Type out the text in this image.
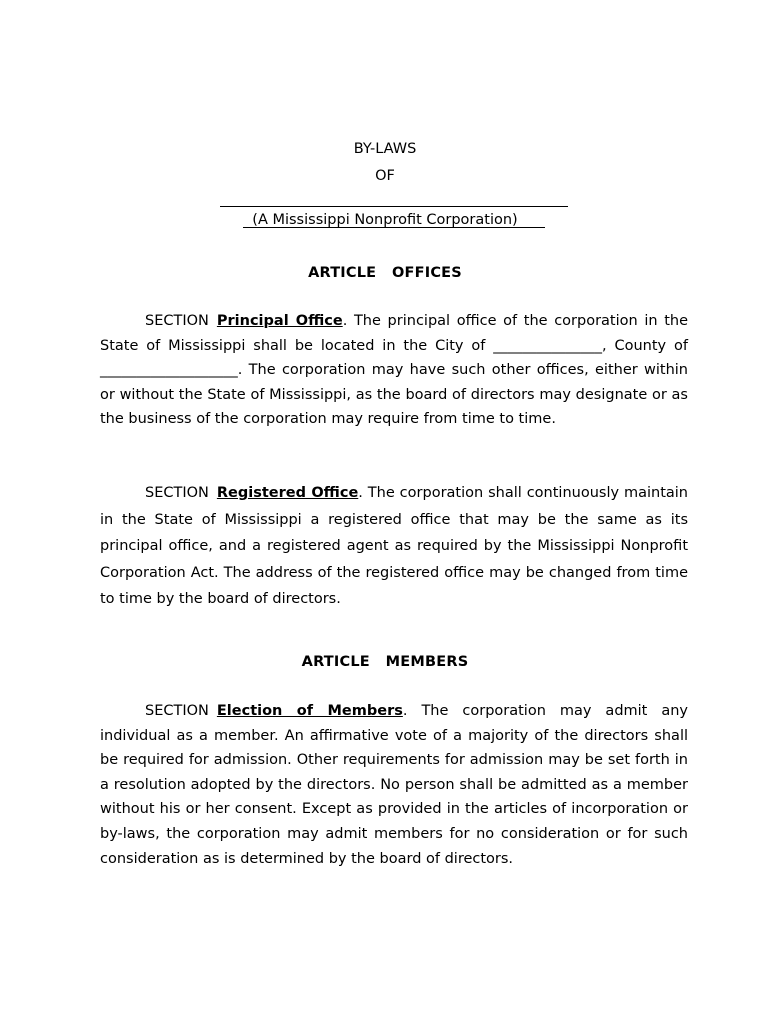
BY-LAWS
OF
(A Mississippi Nonprofit Corporation)
ARTICLE   OFFICES

SECTION Principal Office. The principal office of the corporation in the State of Mississippi shall be located in the City of _______________, County of ___________________. The corporation may have such other offices, either within or without the State of Mississippi, as the board of directors may designate or as the business of the corporation may require from time to time.

SECTION Registered Office. The corporation shall continuously maintain in the State of Mississippi a registered office that may be the same as its principal office, and a registered agent as required by the Mississippi Nonprofit Corporation Act. The address of the registered office may be changed from time to time by the board of directors.

ARTICLE   MEMBERS

SECTION Election of Members. The corporation may admit any individual as a member. An affirmative vote of a majority of the directors shall be required for admission. Other requirements for admission may be set forth in a resolution adopted by the directors. No person shall be admitted as a member without his or her consent. Except as provided in the articles of incorporation or by-laws, the corporation may admit members for no consideration or for such consideration as is determined by the board of directors.
